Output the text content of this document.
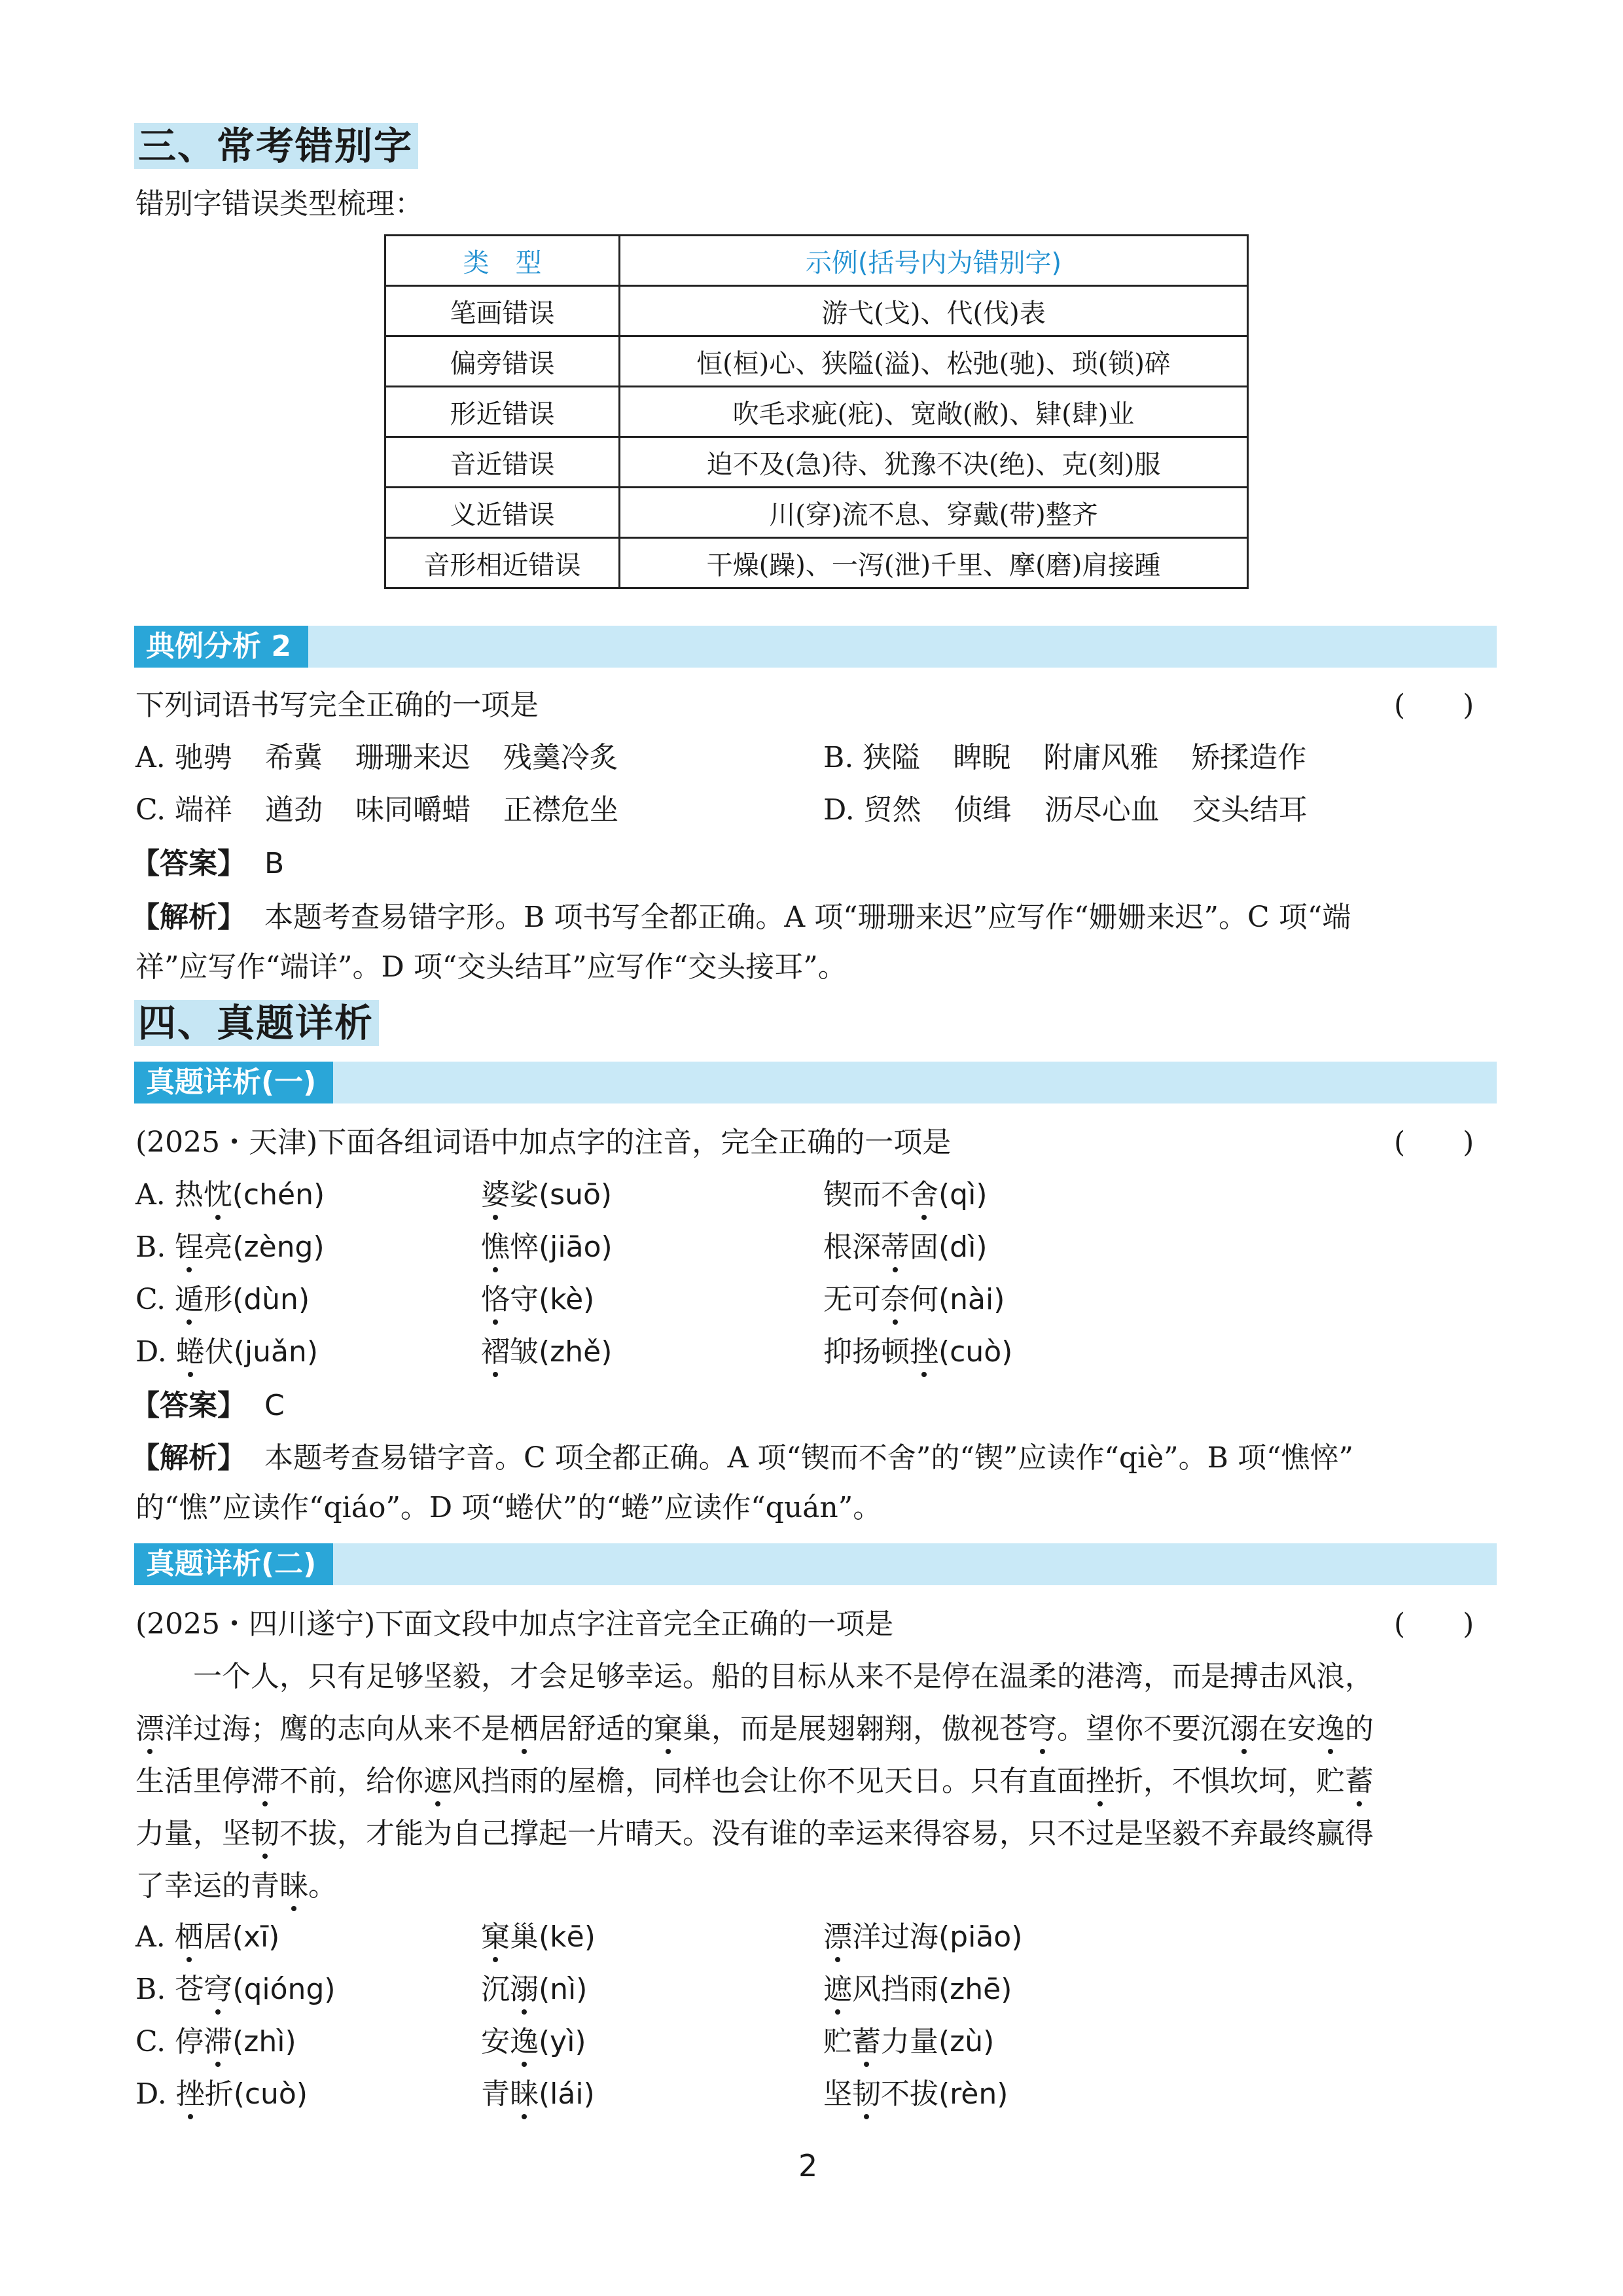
三、常考错别字
错别字错误类型梳理：
类　型	示例(括号内为错别字)
笔画错误	游弋(戈)、代(伐)表
偏旁错误	恒(桓)心、狭隘(溢)、松弛(驰)、琐(锁)碎
形近错误	吹毛求疵(疪)、宽敞(敝)、肄(肆)业
音近错误	迫不及(急)待、犹豫不决(绝)、克(刻)服
义近错误	川(穿)流不息、穿戴(带)整齐
音形相近错误	干燥(躁)、一泻(泄)千里、摩(磨)肩接踵
典例分析 2
下列词语书写完全正确的一项是	(　　)
A. 驰骋 希冀 珊珊来迟 残羹冷炙	B. 狭隘 睥睨 附庸风雅 矫揉造作
C. 端祥 遒劲 味同嚼蜡 正襟危坐	D. 贸然 侦缉 沥尽心血 交头结耳
【答案】 B
【解析】 本题考查易错字形。B 项书写全都正确。A 项“珊珊来迟”应写作“姗姗来迟”。C 项“端
祥”应写作“端详”。D 项“交头结耳”应写作“交头接耳”。
四、真题详析
真题详析(一)
(2025・天津)下面各组词语中加点字的注音，完全正确的一项是	(　　)
A. 热忱(chén)	婆娑(suō)	锲而不舍(qì)
B. 锃亮(zèng)	憔悴(jiāo)	根深蒂固(dì)
C. 遁形(dùn)	恪守(kè)	无可奈何(nài)
D. 蜷伏(juǎn)	褶皱(zhě)	抑扬顿挫(cuò)
【答案】 C
【解析】 本题考查易错字音。C 项全都正确。A 项“锲而不舍”的“锲”应读作“qiè”。B 项“憔悴”
的“憔”应读作“qiáo”。D 项“蜷伏”的“蜷”应读作“quán”。
真题详析(二)
(2025・四川遂宁)下面文段中加点字注音完全正确的一项是	(　　)
一个人，只有足够坚毅，才会足够幸运。船的目标从来不是停在温柔的港湾，而是搏击风浪，
漂洋过海；鹰的志向从来不是栖居舒适的窠巢，而是展翅翱翔，傲视苍穹。望你不要沉溺在安逸的
生活里停滞不前，给你遮风挡雨的屋檐，同样也会让你不见天日。只有直面挫折，不惧坎坷，贮蓄
力量，坚韧不拔，才能为自己撑起一片晴天。没有谁的幸运来得容易，只不过是坚毅不弃最终赢得
了幸运的青睐。
A. 栖居(xī)	窠巢(kē)	漂洋过海(piāo)
B. 苍穹(qióng)	沉溺(nì)	遮风挡雨(zhē)
C. 停滞(zhì)	安逸(yì)	贮蓄力量(zù)
D. 挫折(cuò)	青睐(lái)	坚韧不拔(rèn)
2
